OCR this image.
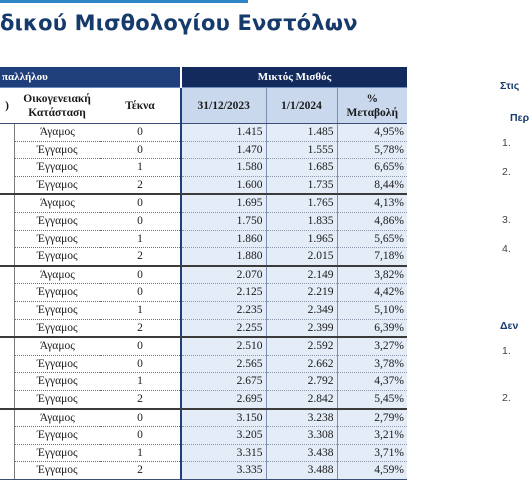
δικού Μισθολογίου Ενστόλων
παλλήλου			Μικτός Μισθός		
)	Οικογενειακή Κατάσταση	Τέκνα	31/12/2023	1/1/2024	%
Μεταβολή
	Άγαμος	0	1.415	1.485	4,95%
	Έγγαμος	0	1.470	1.555	5,78%
	Έγγαμος	1	1.580	1.685	6,65%
	Έγγαμος	2	1.600	1.735	8,44%
	Άγαμος	0	1.695	1.765	4,13%
	Έγγαμος	0	1.750	1.835	4,86%
	Έγγαμος	1	1.860	1.965	5,65%
	Έγγαμος	2	1.880	2.015	7,18%
	Άγαμος	0	2.070	2.149	3,82%
	Έγγαμος	0	2.125	2.219	4,42%
	Έγγαμος	1	2.235	2.349	5,10%
	Έγγαμος	2	2.255	2.399	6,39%
	Άγαμος	0	2.510	2.592	3,27%
	Έγγαμος	0	2.565	2.662	3,78%
	Έγγαμος	1	2.675	2.792	4,37%
	Έγγαμος	2	2.695	2.842	5,45%
	Άγαμος	0	3.150	3.238	2,79%
	Έγγαμος	0	3.205	3.308	3,21%
	Έγγαμος	1	3.315	3.438	3,71%
	Έγγαμος	2	3.335	3.488	4,59%
Στις
Περ
1.
2.
3.
4.
Δεν
1.
2.
